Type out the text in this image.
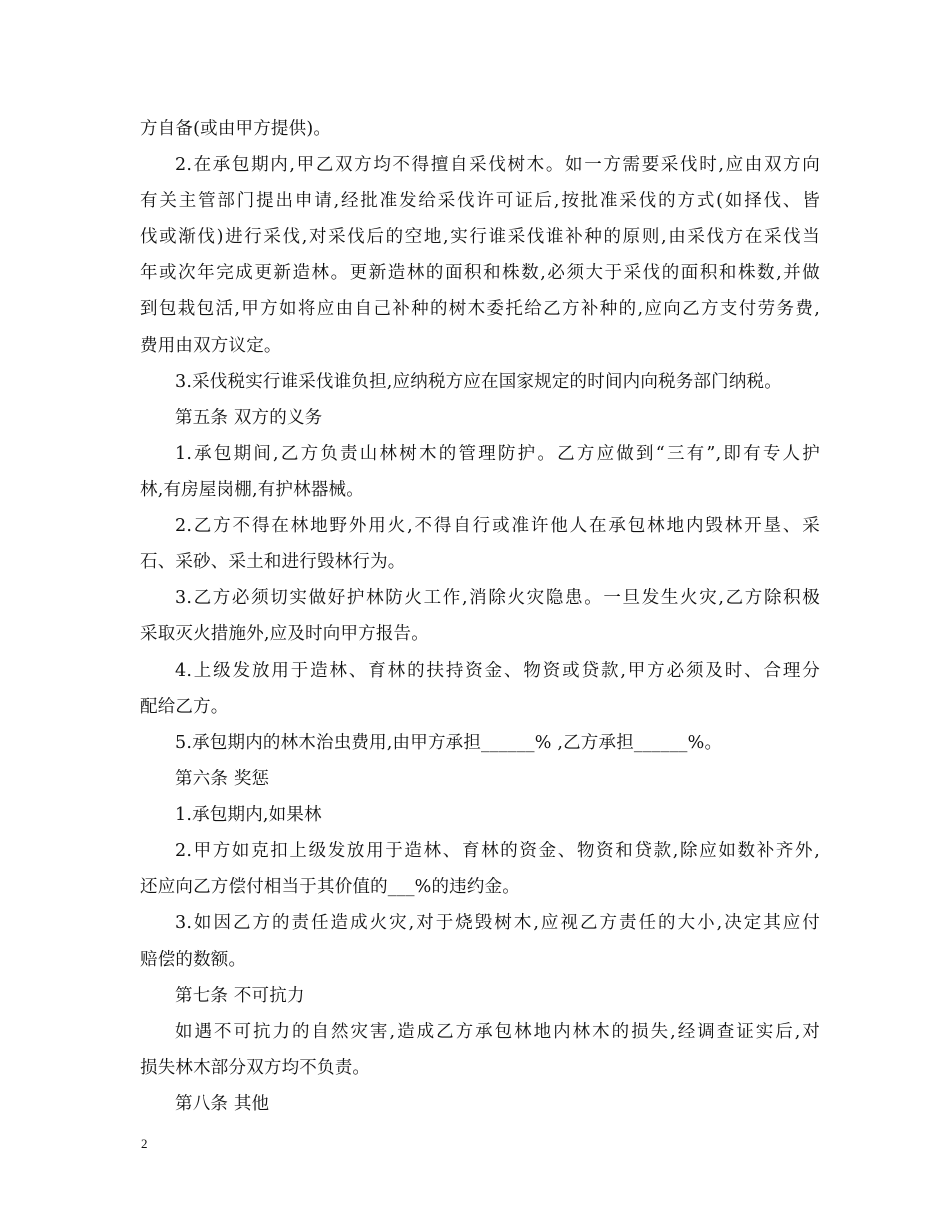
方自备(或由甲方提供)。
2.在承包期内,甲乙双方均不得擅自采伐树木。如一方需要采伐时,应由双方向
有关主管部门提出申请,经批准发给采伐许可证后,按批准采伐的方式(如择伐、皆
伐或渐伐)进行采伐,对采伐后的空地,实行谁采伐谁补种的原则,由采伐方在采伐当
年或次年完成更新造林。更新造林的面积和株数,必须大于采伐的面积和株数,并做
到包栽包活,甲方如将应由自己补种的树木委托给乙方补种的,应向乙方支付劳务费,
费用由双方议定。
3.采伐税实行谁采伐谁负担,应纳税方应在国家规定的时间内向税务部门纳税。
第五条 双方的义务
1.承包期间,乙方负责山林树木的管理防护。乙方应做到“三有”,即有专人护
林,有房屋岗棚,有护林器械。
2.乙方不得在林地野外用火,不得自行或准许他人在承包林地内毁林开垦、采
石、采砂、采土和进行毁林行为。
3.乙方必须切实做好护林防火工作,消除火灾隐患。一旦发生火灾,乙方除积极
采取灭火措施外,应及时向甲方报告。
4.上级发放用于造林、育林的扶持资金、物资或贷款,甲方必须及时、合理分
配给乙方。
5.承包期内的林木治虫费用,由甲方承担______% ,乙方承担______%。
第六条 奖惩
1.承包期内,如果林
2.甲方如克扣上级发放用于造林、育林的资金、物资和贷款,除应如数补齐外,
还应向乙方偿付相当于其价值的___%的违约金。
3.如因乙方的责任造成火灾,对于烧毁树木,应视乙方责任的大小,决定其应付
赔偿的数额。
第七条 不可抗力
如遇不可抗力的自然灾害,造成乙方承包林地内林木的损失,经调查证实后,对
损失林木部分双方均不负责。
第八条 其他
2
